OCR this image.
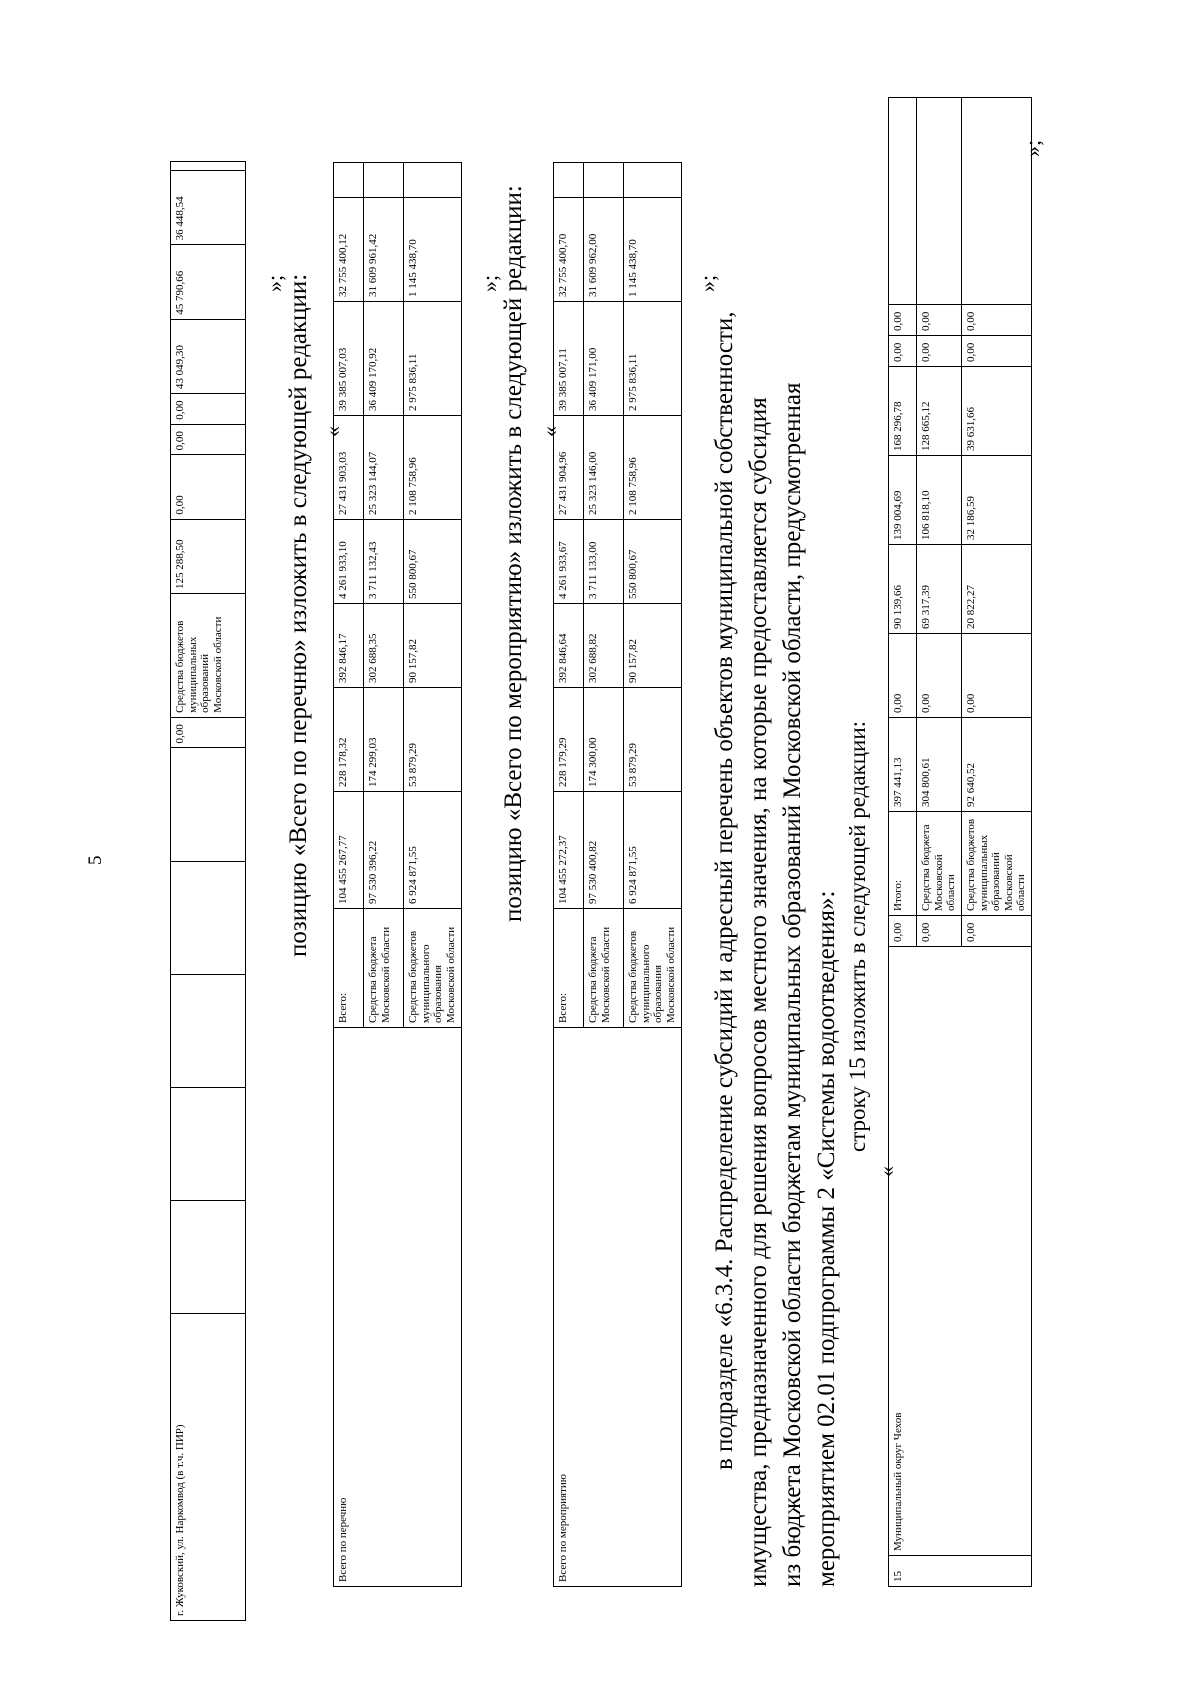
5
г. Жуковский, ул. Наркомвод (в т.ч. ПИР)						0,00	Средства бюджетов муниципальных образований Московской области	125 288,50	0,00	0,00	0,00	43 049,30	45 790,66	36 448,54	
»;
позицию «Всего по перечню» изложить в следующей редакции: «
Всего по перечню	Всего:	104 455 267,77	228 178,32	392 846,17	4 261 933,10	27 431 903,03	39 385 007,03	32 755 400,12	
	Средства бюджета Московской области	97 530 396,22	174 299,03	302 688,35	3 711 132,43	25 323 144,07	36 409 170,92	31 609 961,42	
	Средства бюджетов муниципального образования Московской области	6 924 871,55	53 879,29	90 157,82	550 800,67	2 108 758,96	2 975 836,11	1 145 438,70		»;
позицию «Всего по мероприятию» изложить в следующей редакции: «
Всего по мероприятию	Всего:	104 455 272,37	228 179,29	392 846,64	4 261 933,67	27 431 904,96	39 385 007,11	32 755 400,70	
	Средства бюджета Московской области	97 530 400,82	174 300,00	302 688,82	3 711 133,00	25 323 146,00	36 409 171,00	31 609 962,00	
	Средства бюджетов муниципального образования Московской области	6 924 871,55	53 879,29	90 157,82	550 800,67	2 108 758,96	2 975 836,11	1 145 438,70		»;
в подразделе «6.3.4. Распределение субсидий и адресный перечень объектов муниципальной собственности, имущества, предназначенного для решения вопросов местного значения, на которые предоставляется субсидия из бюджета Московской области бюджетам муниципальных образований Московской области, предусмотренная мероприятием 02.01 подпрограммы 2 «Системы водоотведения»: строку 15 изложить в следующей редакции:
«
15	Муниципальный округ Чехов	0,00	Итого:	397 441,13	0,00	90 139,66	139 004,69	168 296,78	0,00	0,00	
		0,00	Средства бюджета Московской области	304 800,61	0,00	69 317,39	106 818,10	128 665,12	0,00	0,00	
		0,00	Средства бюджетов муниципальных образований Московской области	92 640,52	0,00	20 822,27	32 186,59	39 631,66	0,00	0,00	
»;
